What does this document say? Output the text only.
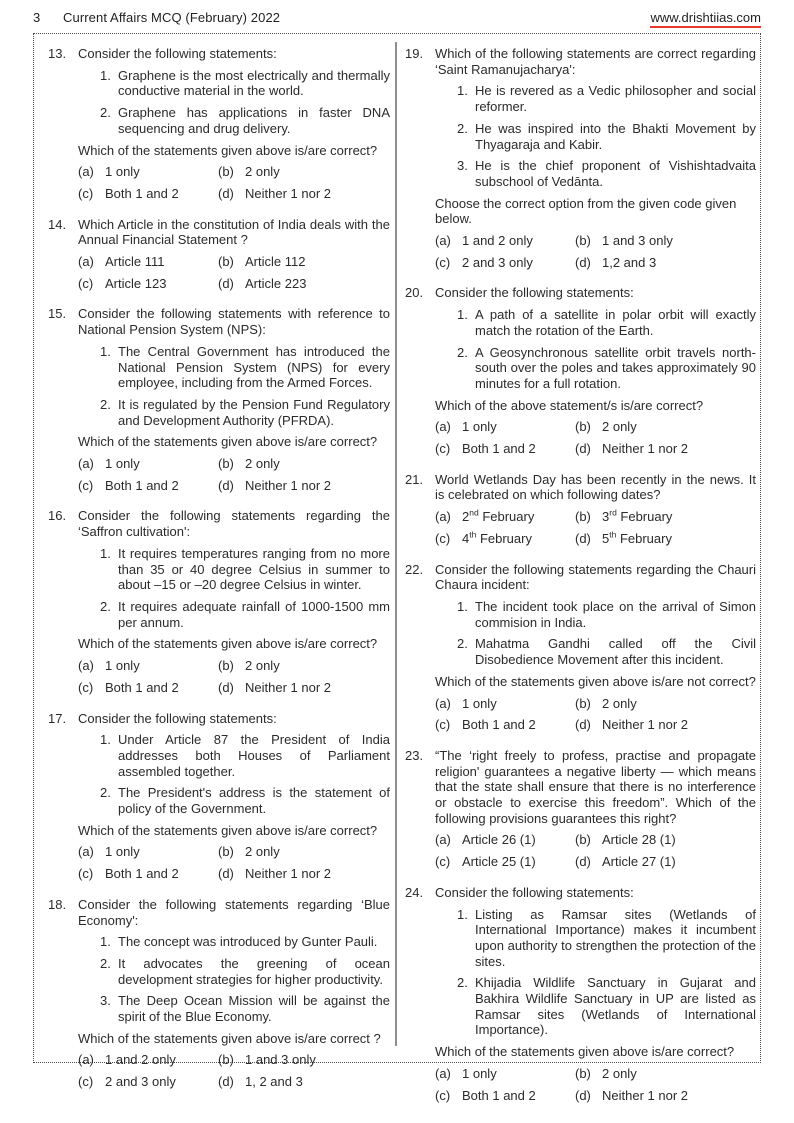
3	Current Affairs MCQ (February) 2022	www.drishtiias.com
13. Consider the following statements:
1. Graphene is the most electrically and thermally conductive material in the world.
2. Graphene has applications in faster DNA sequencing and drug delivery.
Which of the statements given above is/are correct?
(a) 1 only	(b) 2 only
(c) Both 1 and 2	(d) Neither 1 nor 2
14. Which Article in the constitution of India deals with the Annual Financial Statement ?
(a) Article 111	(b) Article 112
(c) Article 123	(d) Article 223
15. Consider the following statements with reference to National Pension System (NPS):
1. The Central Government has introduced the National Pension System (NPS) for every employee, including from the Armed Forces.
2. It is regulated by the Pension Fund Regulatory and Development Authority (PFRDA).
Which of the statements given above is/are correct?
(a) 1 only	(b) 2 only
(c) Both 1 and 2	(d) Neither 1 nor 2
16. Consider the following statements regarding the ‘Saffron cultivation':
1. It requires temperatures ranging from no more than 35 or 40 degree Celsius in summer to about –15 or –20 degree Celsius in winter.
2. It requires adequate rainfall of 1000-1500 mm per annum.
Which of the statements given above is/are correct?
(a) 1 only	(b) 2 only
(c) Both 1 and 2	(d) Neither 1 nor 2
17. Consider the following statements:
1. Under Article 87 the President of India addresses both Houses of Parliament assembled together.
2. The President's address is the statement of policy of the Government.
Which of the statements given above is/are correct?
(a) 1 only	(b) 2 only
(c) Both 1 and 2	(d) Neither 1 nor 2
18. Consider the following statements regarding ‘Blue Economy':
1. The concept was introduced by Gunter Pauli.
2. It advocates the greening of ocean development strategies for higher productivity.
3. The Deep Ocean Mission will be against the spirit of the Blue Economy.
Which of the statements given above is/are correct ?
(a) 1 and 2 only	(b) 1 and 3 only
(c) 2 and 3 only	(d) 1, 2 and 3
19. Which of the following statements are correct regarding ‘Saint Ramanujacharya':
1. He is revered as a Vedic philosopher and social reformer.
2. He was inspired into the Bhakti Movement by Thyagaraja and Kabir.
3. He is the chief proponent of Vishishtadvaita subschool of Vedānta.
Choose the correct option from the given code given below.
(a) 1 and 2 only	(b) 1 and 3 only
(c) 2 and 3 only	(d) 1,2 and 3
20. Consider the following statements:
1. A path of a satellite in polar orbit will exactly match the rotation of the Earth.
2. A Geosynchronous satellite orbit travels north-south over the poles and takes approximately 90 minutes for a full rotation.
Which of the above statement/s is/are correct?
(a) 1 only	(b) 2 only
(c) Both 1 and 2	(d) Neither 1 nor 2
21. World Wetlands Day has been recently in the news. It is celebrated on which following dates?
(a) 2nd February	(b) 3rd February
(c) 4th February	(d) 5th February
22. Consider the following statements regarding the Chauri Chaura incident:
1. The incident took place on the arrival of Simon commision in India.
2. Mahatma Gandhi called off the Civil Disobedience Movement after this incident.
Which of the statements given above is/are not correct?
(a) 1 only	(b) 2 only
(c) Both 1 and 2	(d) Neither 1 nor 2
23. “The ‘right freely to profess, practise and propagate religion' guarantees a negative liberty — which means that the state shall ensure that there is no interference or obstacle to exercise this freedom”. Which of the following provisions guarantees this right?
(a) Article 26 (1)	(b) Article 28 (1)
(c) Article 25 (1)	(d) Article 27 (1)
24. Consider the following statements:
1. Listing as Ramsar sites (Wetlands of International Importance) makes it incumbent upon authority to strengthen the protection of the sites.
2. Khijadia Wildlife Sanctuary in Gujarat and Bakhira Wildlife Sanctuary in UP are listed as Ramsar sites (Wetlands of International Importance).
Which of the statements given above is/are correct?
(a) 1 only	(b) 2 only
(c) Both 1 and 2	(d) Neither 1 nor 2
